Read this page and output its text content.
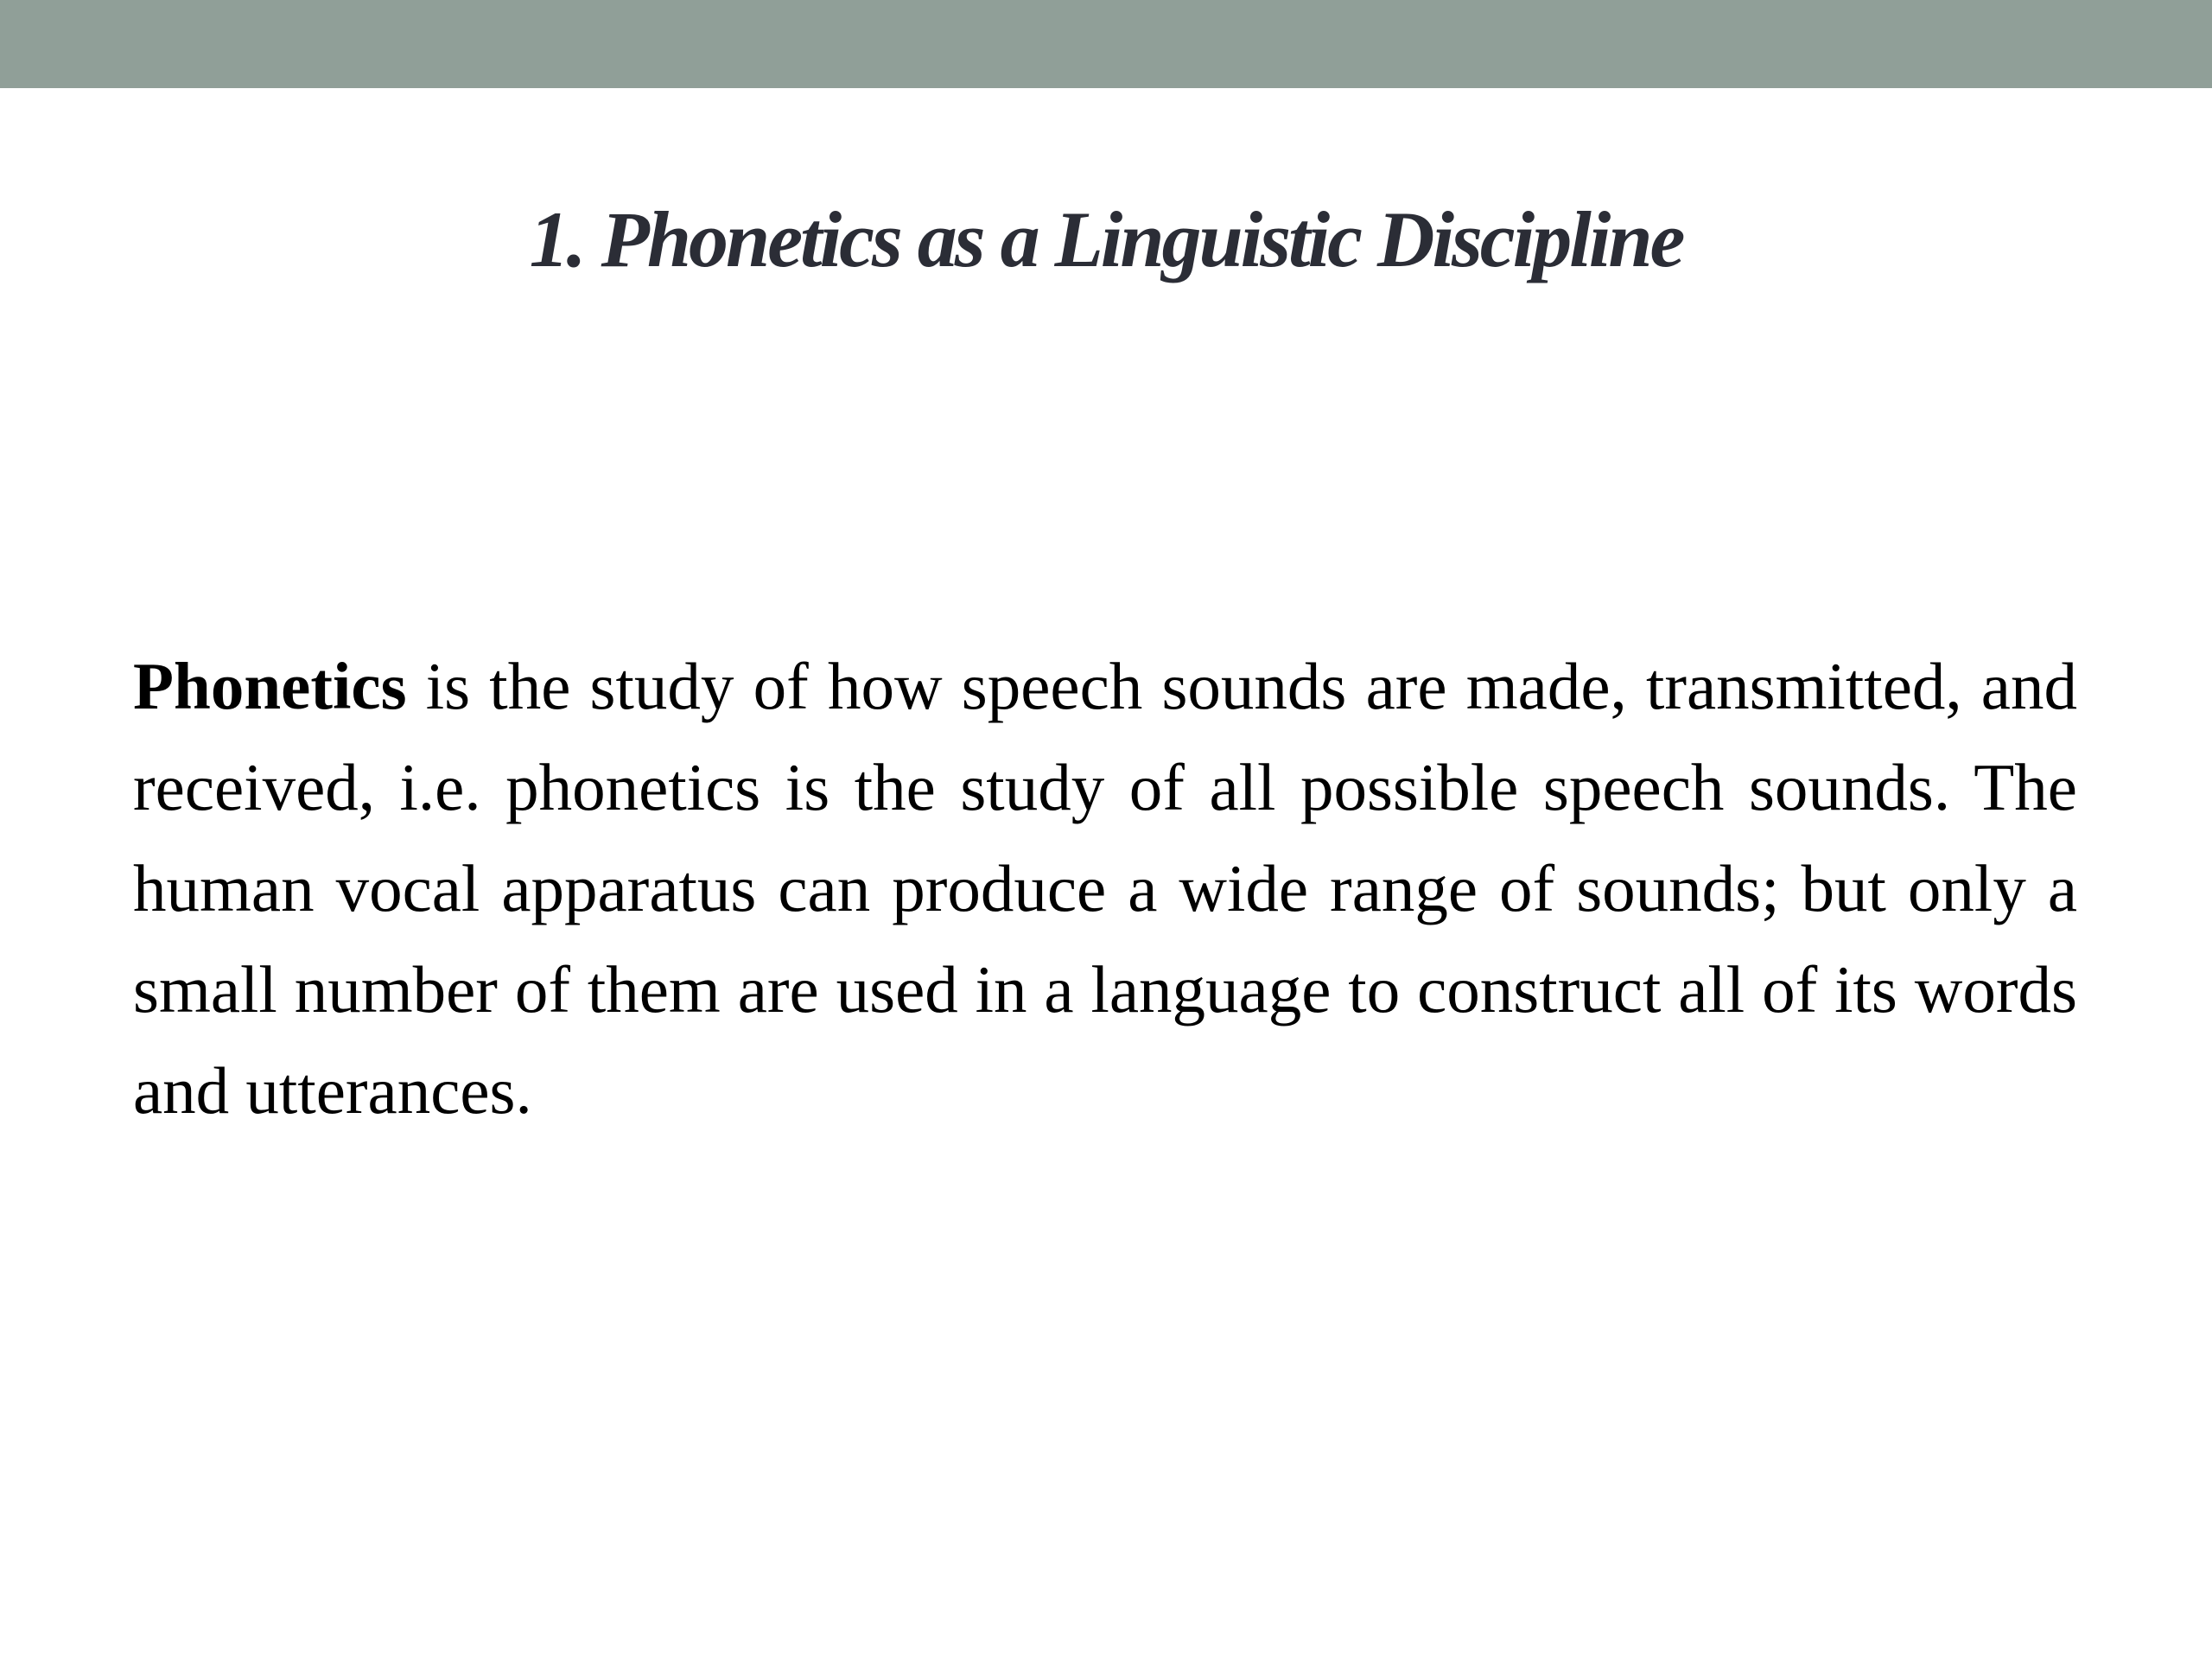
1. Phonetics as a Linguistic Discipline

Phonetics is the study of how speech sounds are made, transmitted, and received, i.e. phonetics is the study of all possible speech sounds. The human vocal apparatus can produce a wide range of sounds; but only a small number of them are used in a language to construct all of its words and utterances.
